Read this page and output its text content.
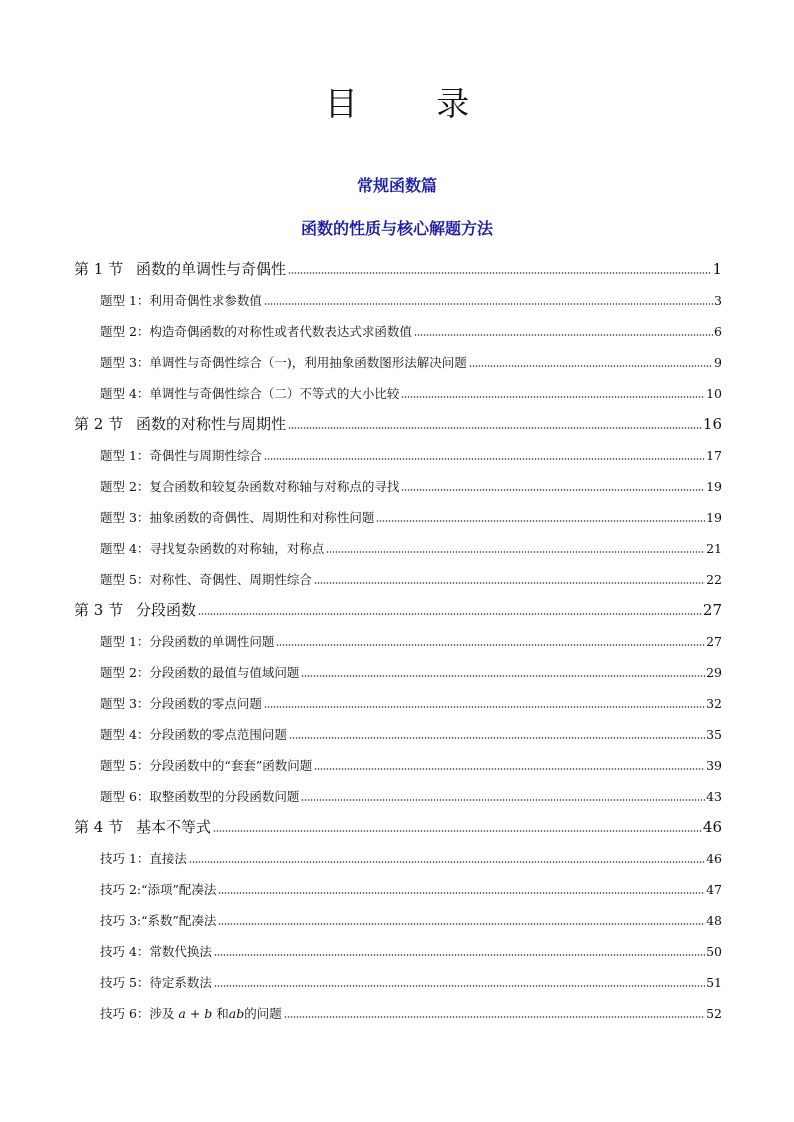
目 录
常规函数篇
函数的性质与核心解题方法
第 1 节 函数的单调性与奇偶性	1
题型 1：利用奇偶性求参数值	3
题型 2：构造奇偶函数的对称性或者代数表达式求函数值	6
题型 3：单调性与奇偶性综合（一)，利用抽象函数图形法解决问题	9
题型 4：单调性与奇偶性综合（二）不等式的大小比较	10
第 2 节 函数的对称性与周期性	16
题型 1：奇偶性与周期性综合	17
题型 2：复合函数和较复杂函数对称轴与对称点的寻找	19
题型 3：抽象函数的奇偶性、周期性和对称性问题	19
题型 4：寻找复杂函数的对称轴，对称点	21
题型 5：对称性、奇偶性、周期性综合	22
第 3 节 分段函数	27
题型 1：分段函数的单调性问题	27
题型 2：分段函数的最值与值域问题	29
题型 3：分段函数的零点问题	32
题型 4：分段函数的零点范围问题	35
题型 5：分段函数中的“套套”函数问题	39
题型 6：取整函数型的分段函数问题	43
第 4 节 基本不等式	46
技巧 1：直接法	46
技巧 2:“添项”配凑法	47
技巧 3:“系数”配凑法	48
技巧 4：常数代换法	50
技巧 5：待定系数法	51
技巧 6：涉及 a + b 和ab的问题	52
